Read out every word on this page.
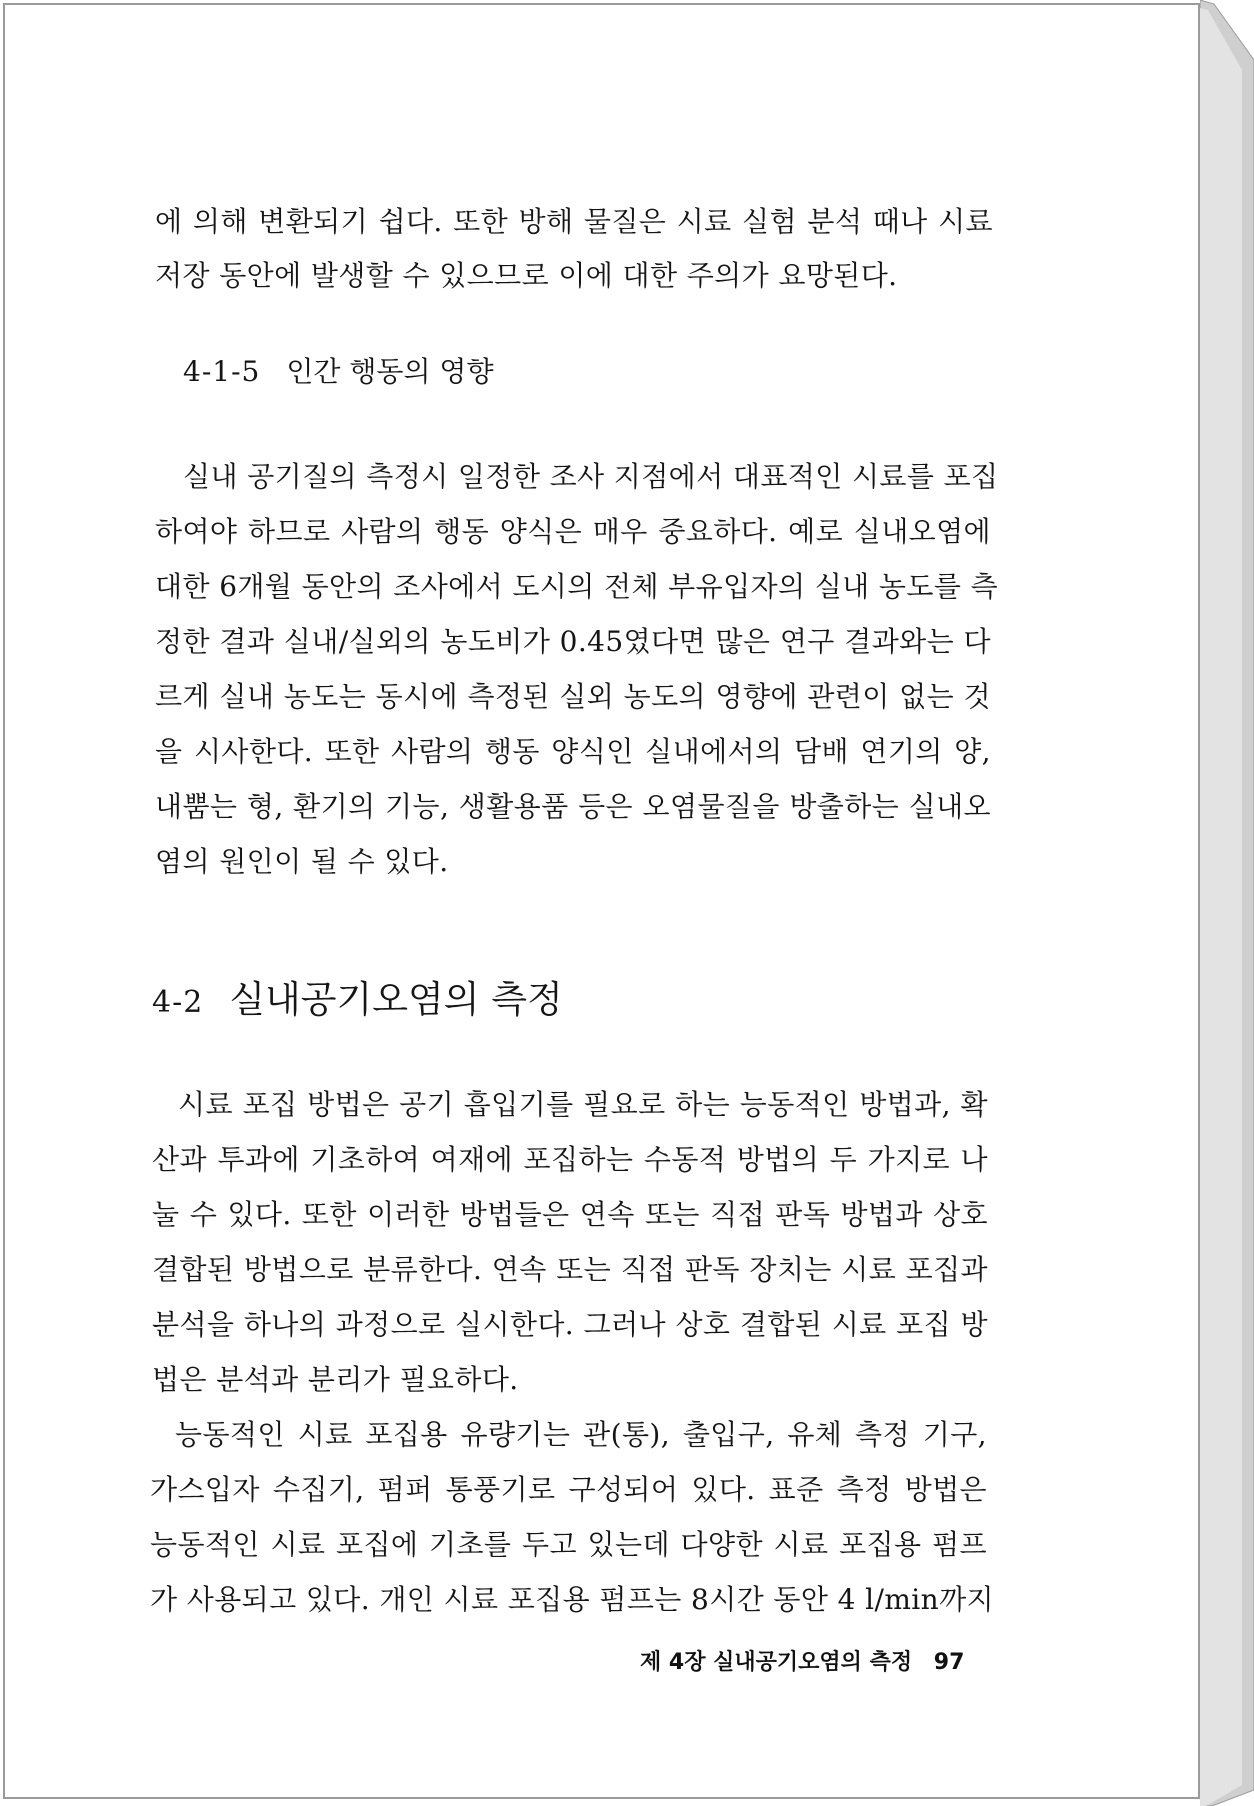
에 의해 변환되기 쉽다. 또한 방해 물질은 시료 실험 분석 때나 시료
저장 동안에 발생할 수 있으므로 이에 대한 주의가 요망된다.
4-1-5 인간 행동의 영향
실내 공기질의 측정시 일정한 조사 지점에서 대표적인 시료를 포집
하여야 하므로 사람의 행동 양식은 매우 중요하다. 예로 실내오염에
대한 6개월 동안의 조사에서 도시의 전체 부유입자의 실내 농도를 측
정한 결과 실내/실외의 농도비가 0.45였다면 많은 연구 결과와는 다
르게 실내 농도는 동시에 측정된 실외 농도의 영향에 관련이 없는 것
을 시사한다. 또한 사람의 행동 양식인 실내에서의 담배 연기의 양,
내뿜는 형, 환기의 기능, 생활용품 등은 오염물질을 방출하는 실내오
염의 원인이 될 수 있다.
4-2 실내공기오염의 측정
시료 포집 방법은 공기 흡입기를 필요로 하는 능동적인 방법과, 확
산과 투과에 기초하여 여재에 포집하는 수동적 방법의 두 가지로 나
눌 수 있다. 또한 이러한 방법들은 연속 또는 직접 판독 방법과 상호
결합된 방법으로 분류한다. 연속 또는 직접 판독 장치는 시료 포집과
분석을 하나의 과정으로 실시한다. 그러나 상호 결합된 시료 포집 방
법은 분석과 분리가 필요하다.
능동적인 시료 포집용 유량기는 관(통), 출입구, 유체 측정 기구,
가스입자 수집기, 펌퍼 통풍기로 구성되어 있다. 표준 측정 방법은
능동적인 시료 포집에 기초를 두고 있는데 다양한 시료 포집용 펌프
가 사용되고 있다. 개인 시료 포집용 펌프는 8시간 동안 4 l/min까지
제 4장 실내공기오염의 측정 97
